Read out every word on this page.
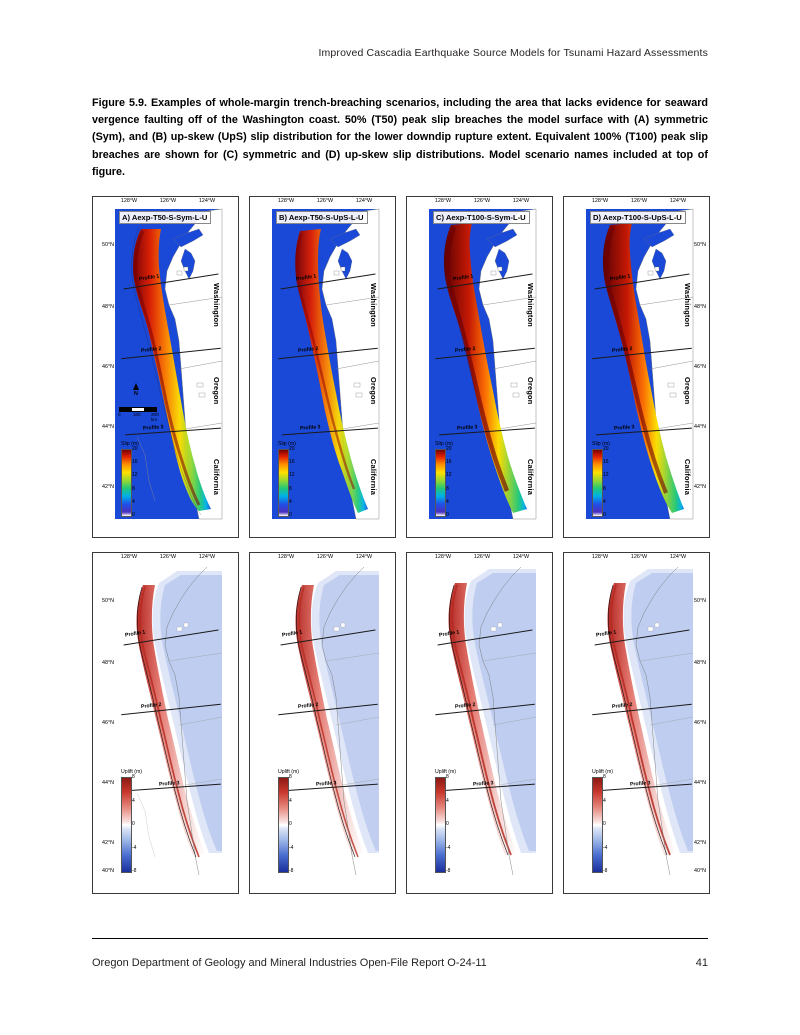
Improved Cascadia Earthquake Source Models for Tsunami Hazard Assessments
Figure 5.9. Examples of whole-margin trench-breaching scenarios, including the area that lacks evidence for seaward vergence faulting off of the Washington coast. 50% (T50) peak slip breaches the model surface with (A) symmetric (Sym), and (B) up-skew (UpS) slip distribution for the lower downdip rupture extent. Equivalent 100% (T100) peak slip breaches are shown for (C) symmetric and (D) up-skew slip distributions. Model scenario names included at top of figure.
Profile 1
Profile 2
Profile 3
N
0	100 200 km
Slip (m)
20
16
12
8
4
0
Washington
Oregon
California
50°N
48°N
46°N
44°N
42°N
128°W	126°W	124°W
A) Aexp-T50-S-Sym-L-U
Profile 1
Profile 2
Profile 3
Slip (m)
20
16
12
8
4
0
Washington
Oregon
California
128°W	126°W	124°W
B) Aexp-T50-S-UpS-L-U
Profile 1
Profile 2
Profile 3
Slip (m)
20
16
12
8
4
0
Washington
Oregon
California
128°W	126°W	124°W
C) Aexp-T100-S-Sym-L-U
Profile 1
Profile 2
Profile 3
Slip (m)
20
16
12
8
4
0
Washington
Oregon
California
50°N
48°N
46°N
44°N
42°N
128°W	126°W	124°W
D) Aexp-T100-S-UpS-L-U
Profile 1
Profile 2
Profile 3
Uplift (m)
8
4
0
-4
-8
50°N
48°N
46°N
44°N
42°N
40°N
128°W	126°W	124°W
Profile 1
Profile 2
Profile 3
Uplift (m)
8
4
0
-4
-8
128°W	126°W	124°W
Profile 1
Profile 2
Profile 3
Uplift (m)
8
4
0
-4
-8
128°W	126°W	124°W
Profile 1
Profile 2
Profile 3
Uplift (m)
8
4
0
-4
-8
50°N
48°N
46°N
44°N
42°N
40°N
128°W	126°W	124°W
Oregon Department of Geology and Mineral Industries Open-File Report O-24-11	41
